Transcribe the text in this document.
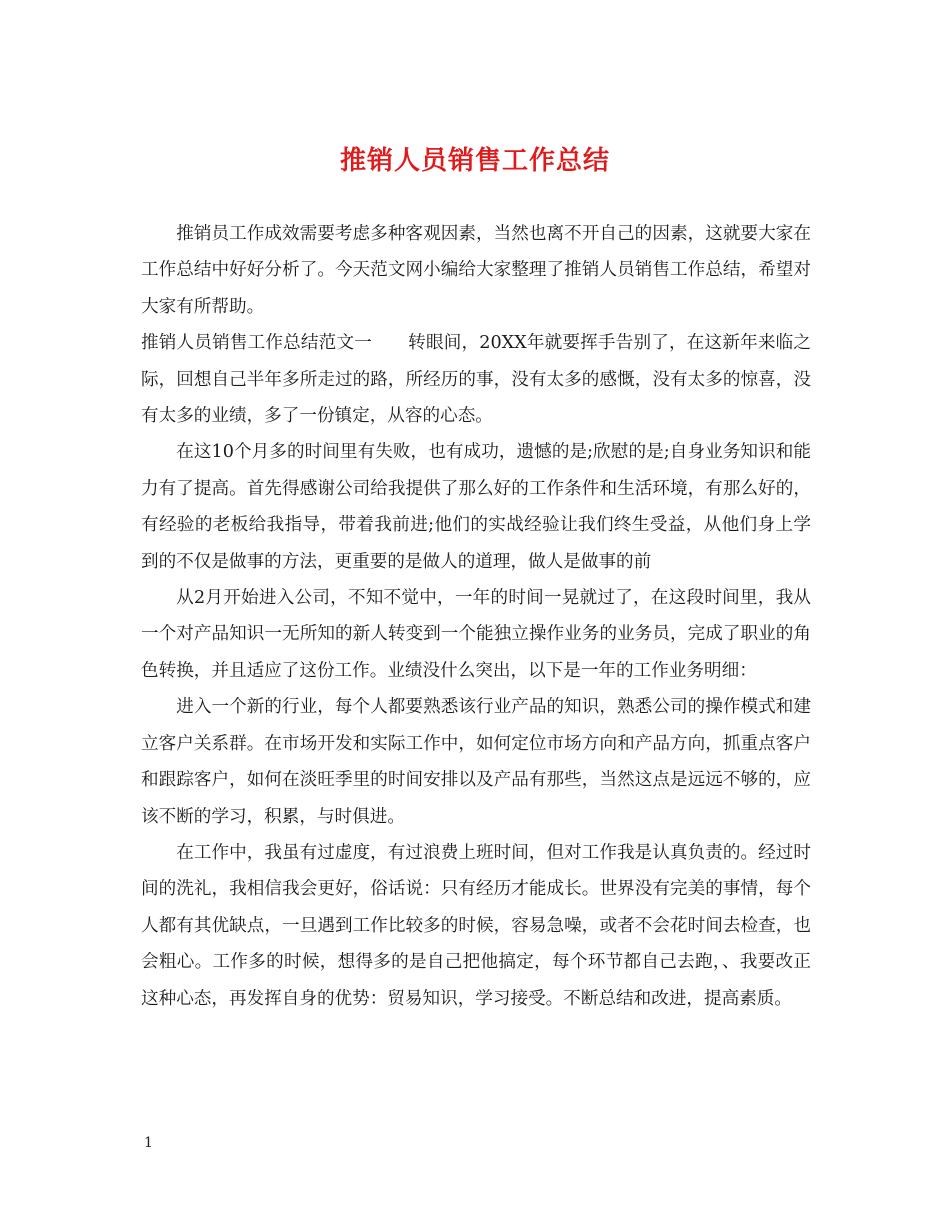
推销人员销售工作总结

推销员工作成效需要考虑多种客观因素，当然也离不开自己的因素，这就要大家在工作总结中好好分析了。今天范文网小编给大家整理了推销人员销售工作总结，希望对大家有所帮助。

推销人员销售工作总结范文一 转眼间，20XX年就要挥手告别了，在这新年来临之际，回想自己半年多所走过的路，所经历的事，没有太多的感慨，没有太多的惊喜，没有太多的业绩，多了一份镇定，从容的心态。

在这10个月多的时间里有失败，也有成功，遗憾的是;欣慰的是;自身业务知识和能力有了提高。首先得感谢公司给我提供了那么好的工作条件和生活环境，有那么好的，有经验的老板给我指导，带着我前进;他们的实战经验让我们终生受益，从他们身上学到的不仅是做事的方法，更重要的是做人的道理，做人是做事的前

从2月开始进入公司，不知不觉中，一年的时间一晃就过了，在这段时间里，我从一个对产品知识一无所知的新人转变到一个能独立操作业务的业务员，完成了职业的角色转换，并且适应了这份工作。业绩没什么突出，以下是一年的工作业务明细：

进入一个新的行业，每个人都要熟悉该行业产品的知识，熟悉公司的操作模式和建立客户关系群。在市场开发和实际工作中，如何定位市场方向和产品方向，抓重点客户和跟踪客户，如何在淡旺季里的时间安排以及产品有那些，当然这点是远远不够的，应该不断的学习，积累，与时俱进。

在工作中，我虽有过虚度，有过浪费上班时间，但对工作我是认真负责的。经过时间的洗礼，我相信我会更好，俗话说：只有经历才能成长。世界没有完美的事情，每个人都有其优缺点，一旦遇到工作比较多的时候，容易急噪，或者不会花时间去检查，也会粗心。工作多的时候，想得多的是自己把他搞定，每个环节都自己去跑，、我要改正这种心态，再发挥自身的优势：贸易知识，学习接受。不断总结和改进，提高素质。

1
